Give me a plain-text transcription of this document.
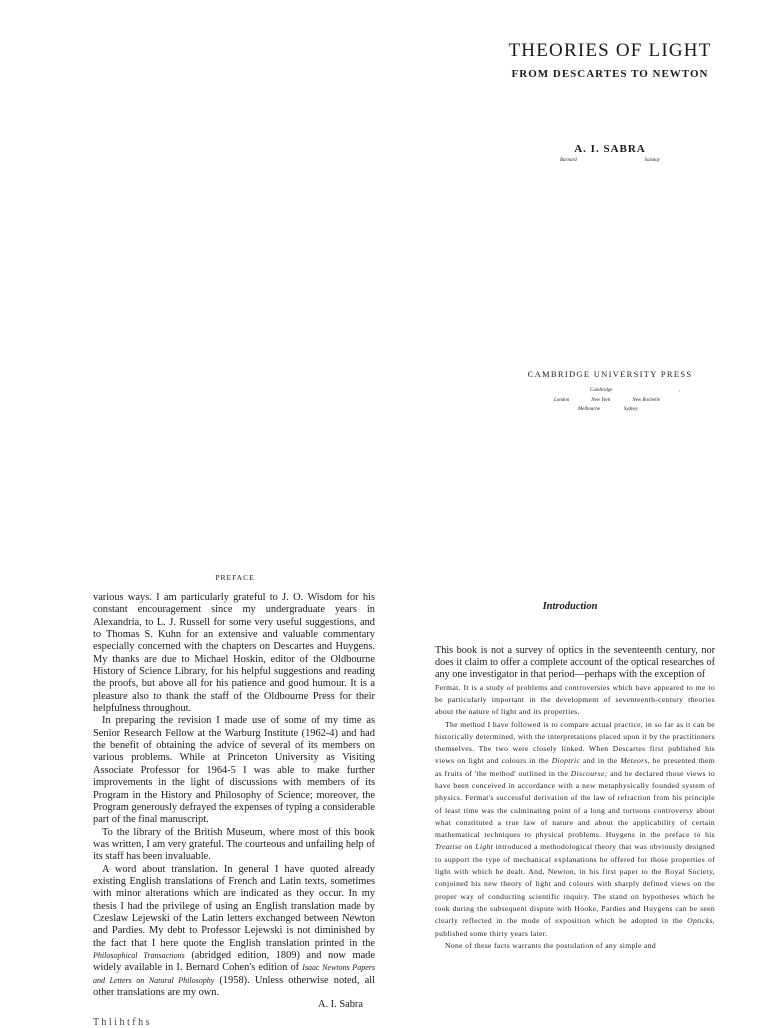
THEORIES OF LIGHT
FROM DESCARTES TO NEWTON
A. I. SABRA
Barnard	Saisnay
CAMBRIDGE UNIVERSITY PRESS
Cambridge	,
London	New York	New Rochelle
Melbourne	Sydney
PREFACE

various ways. I am particularly grateful to J. O. Wisdom for his constant encouragement since my undergraduate years in Alexandria, to L. J. Russell for some very useful suggestions, and to Thomas S. Kuhn for an extensive and valuable commentary especially concerned with the chapters on Descartes and Huygens. My thanks are due to Michael Hoskin, editor of the Oldbourne History of Science Library, for his helpful suggestions and reading the proofs, but above all for his patience and good humour. It is a pleasure also to thank the staff of the Oldbourne Press for their helpfulness throughout.

In preparing the revision I made use of some of my time as Senior Research Fellow at the Warburg Institute (1962-4) and had the benefit of obtaining the advice of several of its members on various problems. While at Princeton University as Visiting Associate Professor for 1964-5 I was able to make further improvements in the light of discussions with members of its Program in the History and Philosophy of Science; moreover, the Program generously defrayed the expenses of typing a considerable part of the final manuscript.

To the library of the British Museum, where most of this book was written, I am very grateful. The courteous and unfailing help of its staff has been invaluable.

A word about translation. In general I have quoted already existing English translations of French and Latin texts, sometimes with minor alterations which are indicated as they occur. In my thesis I had the privilege of using an English translation made by Czeslaw Lejewski of the Latin letters exchanged between Newton and Pardies. My debt to Professor Lejewski is not diminished by the fact that I here quote the English translation printed in the Philosophical Transactions (abridged edition, 1809) and now made widely available in I. Bernard Cohen's edition of Isaac Newtons Papers and Letters on Natural Philosophy (1958). Unless otherwise noted, all other translations are my own.

A. I. Sabra

T h l i h t f h s
Introduction

This book is not a survey of optics in the seventeenth century, nor does it claim to offer a complete account of the optical researches of any one investigator in that period—perhaps with the exception of

Fermat. It is a study of problems and controversies which have appeared to me to be particularly important in the development of seventeenth-century theories about the nature of light and its properties.

The method I have followed is to compare actual practice, in so far as it can be historically determined, with the interpretations placed upon it by the practitioners themselves. The two were closely linked. When Descartes first published his views on light and colours in the Dioptric and in the Meteors, he presented them as fruits of 'the method' outlined in the Discourse; and he declared those views to have been conceived in accordance with a new metaphysically founded system of physics. Fermat's successful derivation of the law of refraction from his principle of least time was the culminating point of a long and tortuous controversy about what constituted a true law of nature and about the applicability of certain mathematical techniques to physical problems. Huygens in the preface to his Treatise on Light introduced a methodological theory that was obviously designed to support the type of mechanical explanations he offered for those properties of light with which he dealt. And, Newton, in his first paper to the Royal Society, conjoined his new theory of light and colours with sharply defined views on the proper way of conducting scientific inquiry. The stand on hypotheses which he took during the subsequent dispute with Hooke, Pardies and Huygens can be seen clearly reflected in the mode of exposition which he adopted in the Opticks, published some thirty years later.

None of these facts warrants the postulation of any simple and
